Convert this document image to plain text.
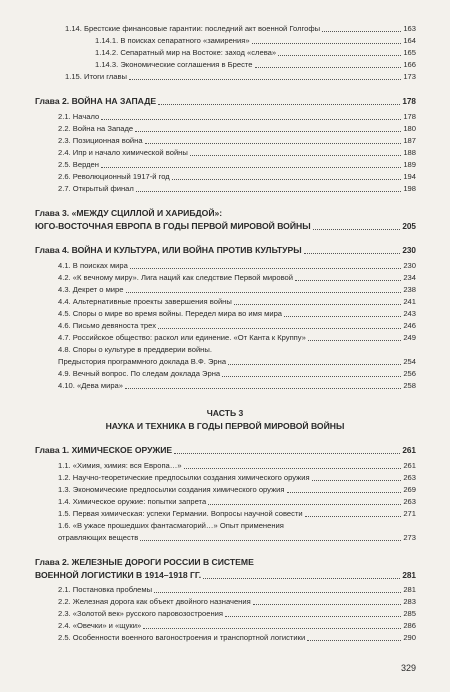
1.14. Брестские финансовые гарантии: последний акт военной Голгофы	163
1.14.1. В поисках сепаратного «замирения»	164
1.14.2. Сепаратный мир на Востоке: заход «слева»	165
1.14.3. Экономические соглашения в Бресте	166
1.15. Итоги главы	173
Глава 2. ВОЙНА НА ЗАПАДЕ	178
2.1. Начало	178
2.2. Война на Западе	180
2.3. Позиционная война	187
2.4. Ипр и начало химической войны	188
2.5. Верден	189
2.6. Революционный 1917-й год	194
2.7. Открытый финал	198
Глава 3. «МЕЖДУ СЦИЛЛОЙ И ХАРИБДОЙ»:
ЮГО-ВОСТОЧНАЯ ЕВРОПА В ГОДЫ ПЕРВОЙ МИРОВОЙ ВОЙНЫ	205
Глава 4. ВОЙНА И КУЛЬТУРА, ИЛИ ВОЙНА ПРОТИВ КУЛЬТУРЫ	230
4.1. В поисках мира	230
4.2. «К вечному миру». Лига наций как следствие Первой мировой	234
4.3. Декрет о мире	238
4.4. Альтернативные проекты завершения войны	241
4.5. Споры о мире во время войны. Передел мира во имя мира	243
4.6. Письмо девяноста трех	246
4.7. Российское общество: раскол или единение. «От Канта к Круппу»	249
4.8. Споры о культуре в преддверии войны.
Предыстория программного доклада В.Ф. Эрна	254
4.9. Вечный вопрос. По следам доклада Эрна	256
4.10. «Дева мира»	258
ЧАСТЬ 3
НАУКА И ТЕХНИКА В ГОДЫ ПЕРВОЙ МИРОВОЙ ВОЙНЫ
Глава 1. ХИМИЧЕСКОЕ ОРУЖИЕ	261
1.1. «Химия, химия: вся Европа…»	261
1.2. Научно-теоретические предпосылки создания химического оружия	263
1.3. Экономические предпосылки создания химического оружия	269
1.4. Химическое оружие: попытки запрета	263
1.5. Первая химическая: успехи Германии. Вопросы научной совести	271
1.6. «В ужасе прошедших фантасмагорий…» Опыт применения
отравляющих веществ	273
Глава 2. ЖЕЛЕЗНЫЕ ДОРОГИ РОССИИ В СИСТЕМЕ
ВОЕННОЙ ЛОГИСТИКИ В 1914–1918 ГГ.	281
2.1. Постановка проблемы	281
2.2. Железная дорога как объект двойного назначения	283
2.3. «Золотой век» русского паровозостроения	285
2.4. «Овечки» и «щуки»	286
2.5. Особенности военного вагоностроения и транспортной логистики	290
329
